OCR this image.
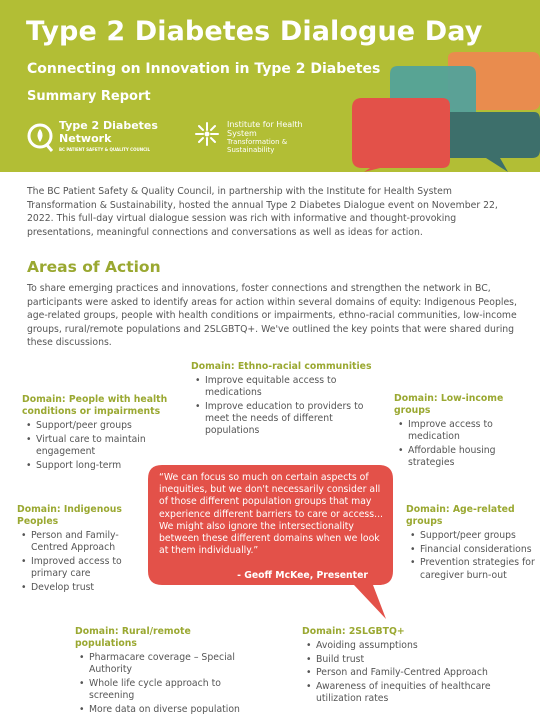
Type 2 Diabetes Dialogue Day
Connecting on Innovation in Type 2 Diabetes
Summary Report
Type 2 Diabetes
Network
BC PATIENT SAFETY & QUALITY COUNCIL
Institute for Health System
Transformation & Sustainability

The BC Patient Safety & Quality Council, in partnership with the Institute for Health System Transformation & Sustainability, hosted the annual Type 2 Diabetes Dialogue event on November 22, 2022. This full-day virtual dialogue session was rich with informative and thought-provoking presentations, meaningful connections and conversations as well as ideas for action.

Areas of Action

To share emerging practices and innovations, foster connections and strengthen the network in BC, participants were asked to identify areas for action within several domains of equity: Indigenous Peoples, age-related groups, people with health conditions or impairments, ethno-racial communities, low-income groups, rural/remote populations and 2SLGBTQ+. We've outlined the key points that were shared during these discussions.

Domain: Ethno-racial communities
• Improve equitable access to medications
• Improve education to providers to meet the needs of different populations
Domain: People with health conditions or impairments
• Support/peer groups
• Virtual care to maintain engagement
• Support long-term
Domain: Low-income groups
• Improve access to medication
• Affordable housing strategies
Domain: Indigenous Peoples
• Person and Family-Centred Approach
• Improved access to primary care
• Develop trust
Domain: Age-related groups
• Support/peer groups
• Financial considerations
• Prevention strategies for caregiver burn-out
Domain: Rural/remote populations
• Pharmacare coverage – Special Authority
• Whole life cycle approach to screening
• More data on diverse population
Domain: 2SLGBTQ+
• Avoiding assumptions
• Build trust
• Person and Family-Centred Approach
• Awareness of inequities of healthcare utilization rates

“We can focus so much on certain aspects of inequities, but we don't necessarily consider all of those different population groups that may experience different barriers to care or access... We might also ignore the intersectionality between these different domains when we look at them individually.”

- Geoff McKee, Presenter
